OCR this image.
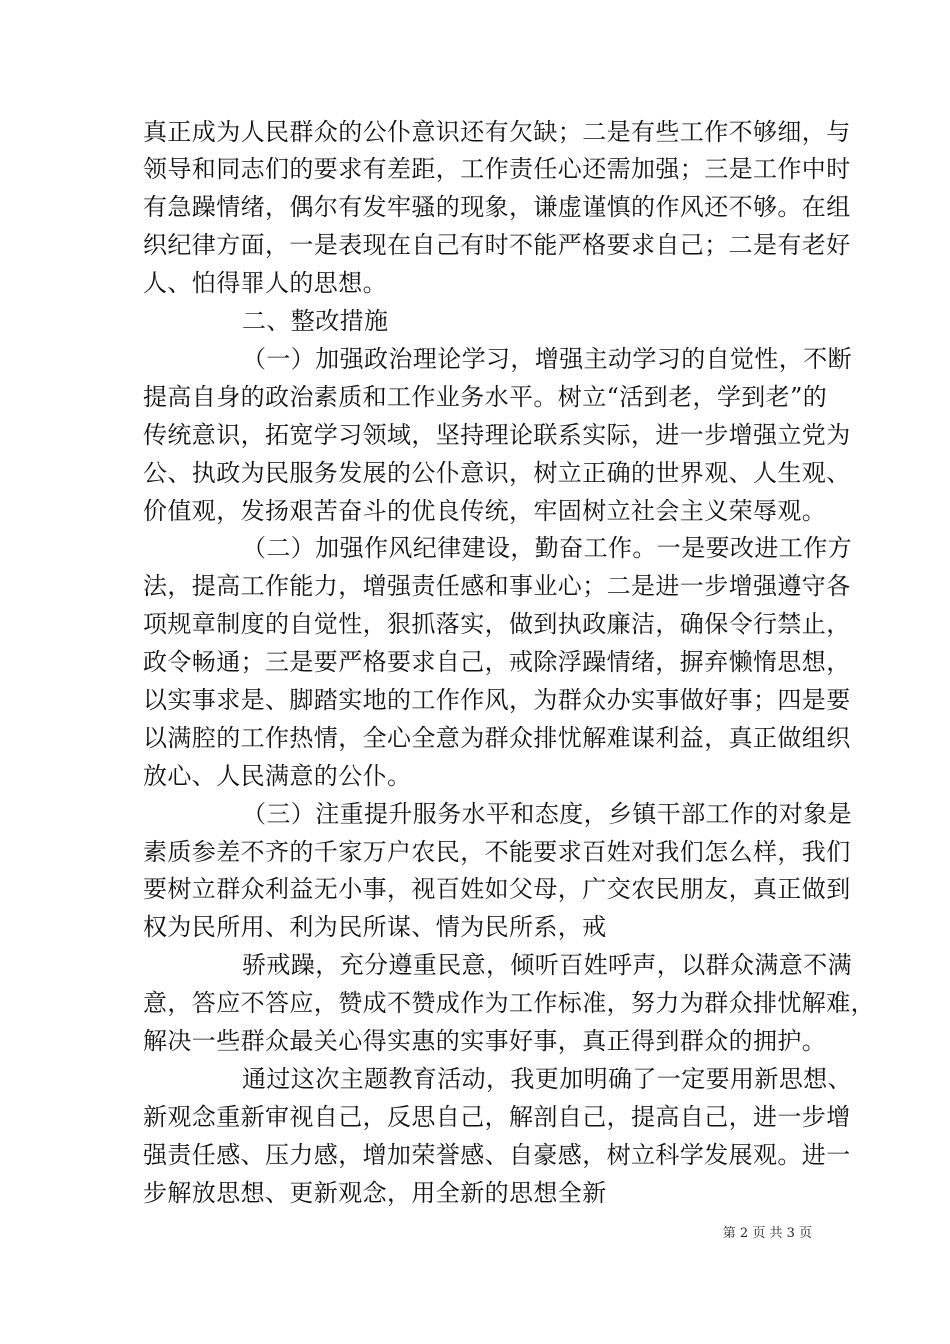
真正成为人民群众的公仆意识还有欠缺；二是有些工作不够细，与
领导和同志们的要求有差距，工作责任心还需加强；三是工作中时
有急躁情绪，偶尔有发牢骚的现象，谦虚谨慎的作风还不够。在组
织纪律方面，一是表现在自己有时不能严格要求自己；二是有老好
人、怕得罪人的思想。
二、整改措施
（一）加强政治理论学习，增强主动学习的自觉性，不断
提高自身的政治素质和工作业务水平。树立“活到老，学到老”的
传统意识，拓宽学习领域，坚持理论联系实际，进一步增强立党为
公、执政为民服务发展的公仆意识，树立正确的世界观、人生观、
价值观，发扬艰苦奋斗的优良传统，牢固树立社会主义荣辱观。
（二）加强作风纪律建设，勤奋工作。一是要改进工作方
法，提高工作能力，增强责任感和事业心；二是进一步增强遵守各
项规章制度的自觉性，狠抓落实，做到执政廉洁，确保令行禁止，
政令畅通；三是要严格要求自己，戒除浮躁情绪，摒弃懒惰思想，
以实事求是、脚踏实地的工作作风，为群众办实事做好事；四是要
以满腔的工作热情，全心全意为群众排忧解难谋利益，真正做组织
放心、人民满意的公仆。
（三）注重提升服务水平和态度，乡镇干部工作的对象是
素质参差不齐的千家万户农民，不能要求百姓对我们怎么样，我们
要树立群众利益无小事，视百姓如父母，广交农民朋友，真正做到
权为民所用、利为民所谋、情为民所系，戒
骄戒躁，充分遵重民意，倾听百姓呼声，以群众满意不满
意，答应不答应，赞成不赞成作为工作标准，努力为群众排忧解难，
解决一些群众最关心得实惠的实事好事，真正得到群众的拥护。
通过这次主题教育活动，我更加明确了一定要用新思想、
新观念重新审视自己，反思自己，解剖自己，提高自己，进一步增
强责任感、压力感，增加荣誉感、自豪感，树立科学发展观。进一
步解放思想、更新观念，用全新的思想全新
第 2 页 共 3 页
